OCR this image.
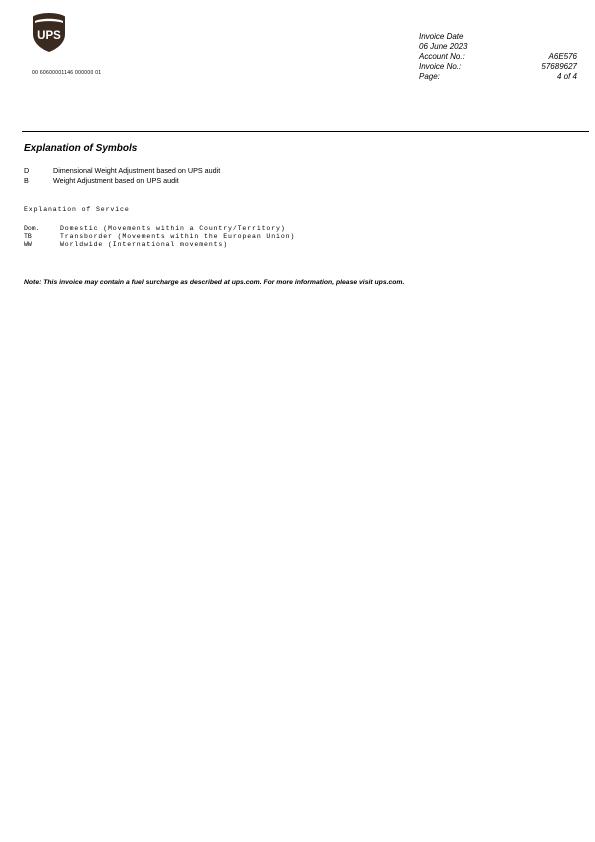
UPS
00 60600001146 000000 01
Invoice Date
06 June 2023
Account No.:	A6E576
Invoice No.:	57689627
Page:	4 of 4
Explanation of Symbols
D	Dimensional Weight Adjustment based on UPS audit
B	Weight Adjustment based on UPS audit
Explanation of Service
Dom.	Domestic (Movements within a Country/Territory)
TB	Transborder (Movements within the European Union)
WW	Worldwide (International movements)
Note: This invoice may contain a fuel surcharge as described at ups.com. For more information, please visit ups.com.
